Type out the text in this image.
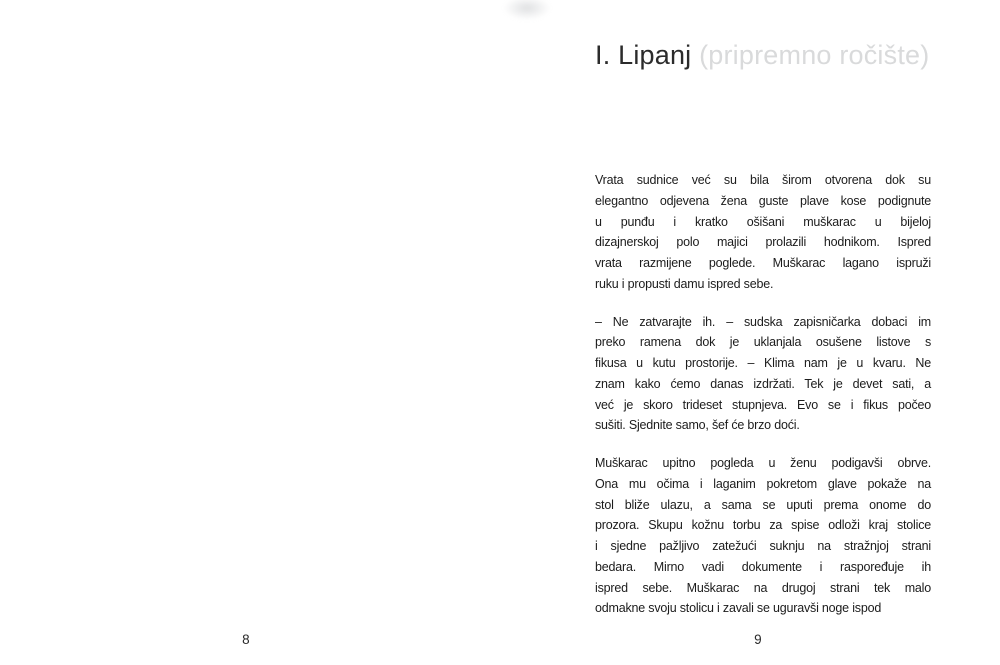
8
I. Lipanj (pripremno ročište)
Vrata sudnice već su bila širom otvorena dok su
elegantno odjevena žena guste plave kose podignute
u punđu i kratko ošišani muškarac u bijeloj
dizajnerskoj polo majici prolazili hodnikom. Ispred
vrata razmijene poglede. Muškarac lagano ispruži
ruku i propusti damu ispred sebe.
– Ne zatvarajte ih. – sudska zapisničarka dobaci im
preko ramena dok je uklanjala osušene listove s
fikusa u kutu prostorije. – Klima nam je u kvaru. Ne
znam kako ćemo danas izdržati. Tek je devet sati, a
već je skoro trideset stupnjeva. Evo se i fikus počeo
sušiti. Sjednite samo, šef će brzo doći.
Muškarac upitno pogleda u ženu podigavši obrve.
Ona mu očima i laganim pokretom glave pokaže na
stol bliže ulazu, a sama se uputi prema onome do
prozora. Skupu kožnu torbu za spise odloži kraj stolice
i sjedne pažljivo zatežući suknju na stražnjoj strani
bedara. Mirno vadi dokumente i raspoređuje ih
ispred sebe. Muškarac na drugoj strani tek malo
odmakne svoju stolicu i zavali se uguravši noge ispod
9
